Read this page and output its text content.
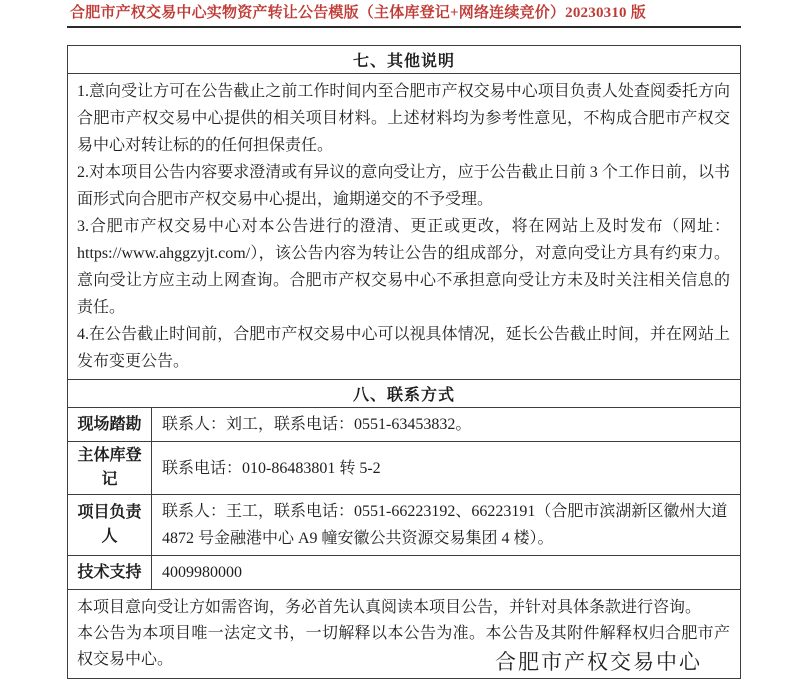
合肥市产权交易中心实物资产转让公告模版（主体库登记+网络连续竞价）20230310 版
七、其他说明	

1.意向受让方可在公告截止之前工作时间内至合肥市产权交易中心项目负责人处查阅委托方向合肥市产权交易中心提供的相关项目材料。上述材料均为参考性意见，不构成合肥市产权交易中心对转让标的的任何担保责任。

2.对本项目公告内容要求澄清或有异议的意向受让方，应于公告截止日前 3 个工作日前，以书面形式向合肥市产权交易中心提出，逾期递交的不予受理。

3.合肥市产权交易中心对本公告进行的澄清、更正或更改，将在网站上及时发布（网址：https://www.ahggzyjt.com/），该公告内容为转让公告的组成部分，对意向受让方具有约束力。意向受让方应主动上网查询。合肥市产权交易中心不承担意向受让方未及时关注相关信息的责任。

4.在公告截止时间前，合肥市产权交易中心可以视具体情况，延长公告截止时间，并在网站上发布变更公告。	

八、联系方式	
现场踏勘	联系人：刘工，联系电话：0551-63453832。
主体库登记	联系电话：010-86483801 转 5-2
项目负责人	联系人：王工，联系电话：0551-66223192、66223191（合肥市滨湖新区徽州大道 4872 号金融港中心 A9 幢安徽公共资源交易集团 4 楼）。
技术支持	4009980000

本项目意向受让方如需咨询，务必首先认真阅读本项目公告，并针对具体条款进行咨询。

本公告为本项目唯一法定文书，一切解释以本公告为准。本公告及其附件解释权归合肥市产权交易中心。		合肥市产权交易中心
